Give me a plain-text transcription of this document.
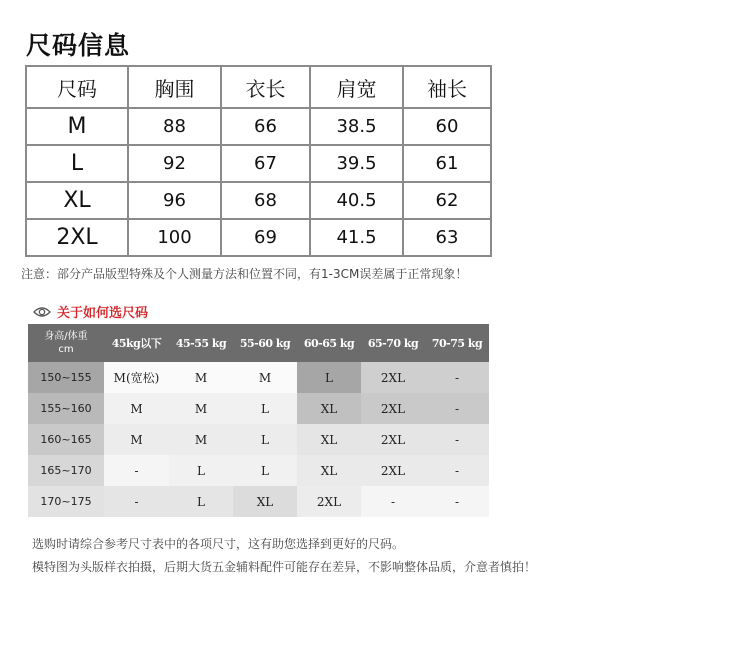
尺码信息
尺码	胸围	衣长	肩宽	袖长
M	88	66	38.5	60
L	92	67	39.5	61
XL	96	68	40.5	62
2XL	100	69	41.5	63
注意：部分产品版型特殊及个人测量方法和位置不同，有1-3CM误差属于正常现象！
关于如何选尺码
身高/体重
cm	45kg以下	45-55 kg	55-60 kg	60-65 kg	65-70 kg	70-75 kg
150~155	M(宽松)	M	M	L	2XL	-
155~160	M	M	L	XL	2XL	-
160~165	M	M	L	XL	2XL	-
165~170	-	L	L	XL	2XL	-
170~175	-	L	XL	2XL	-	-
选购时请综合参考尺寸表中的各项尺寸，这有助您选择到更好的尺码。
模特图为头版样衣拍摄，后期大货五金辅料配件可能存在差异，不影响整体品质，介意者慎拍！
